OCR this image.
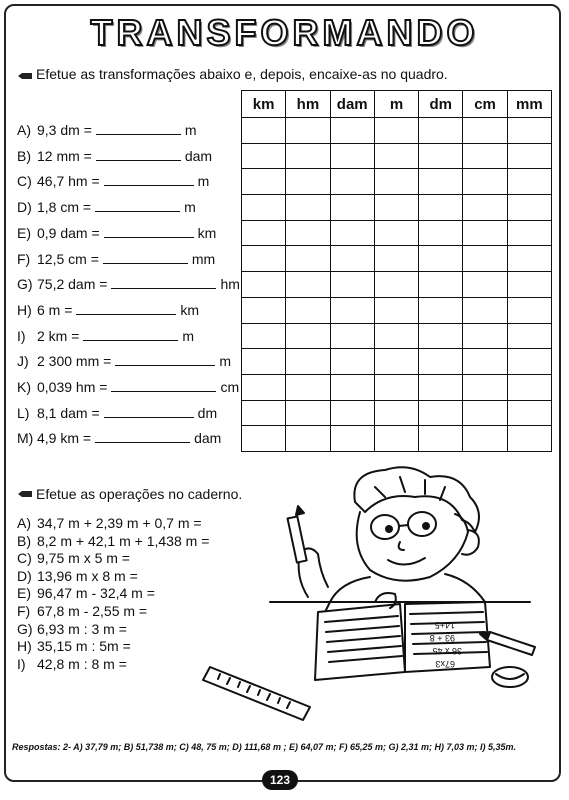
TRANSFORMANDO
Efetue as transformações abaixo e, depois, encaixe-as no quadro.
A) 9,3 dm =	m
B) 12 mm =	dam
C) 46,7 hm =	m
D) 1,8 cm =	m
E) 0,9 dam =	km
F) 12,5 cm =	mm
G) 75,2 dam =	hm
H) 6 m =	km
I) 2 km =	m
J) 2 300 mm =	m
K) 0,039 hm =	cm
L) 8,1 dam =	dm
M) 4,9 km =	dam
km	hm	dam	m	dm	cm	mm

Efetue as operações no caderno.
A) 34,7 m + 2,39 m + 0,7 m =
B) 8,2 m + 42,1 m + 1,438 m =
C) 9,75 m x 5 m =
D) 13,96 m x 8 m =
E) 96,47 m - 32,4 m =
F) 67,8 m - 2,55 m =
G) 6,93 m : 3 m =
H) 35,15 m : 5m =
I) 42,8 m : 8 m =
14+5
93 + 8
36 x 45
67x3
Respostas: 2- A) 37,79 m; B) 51,738 m; C) 48, 75 m; D) 111,68 m ; E) 64,07 m; F) 65,25 m; G) 2,31 m; H) 7,03 m; I) 5,35m.
123
